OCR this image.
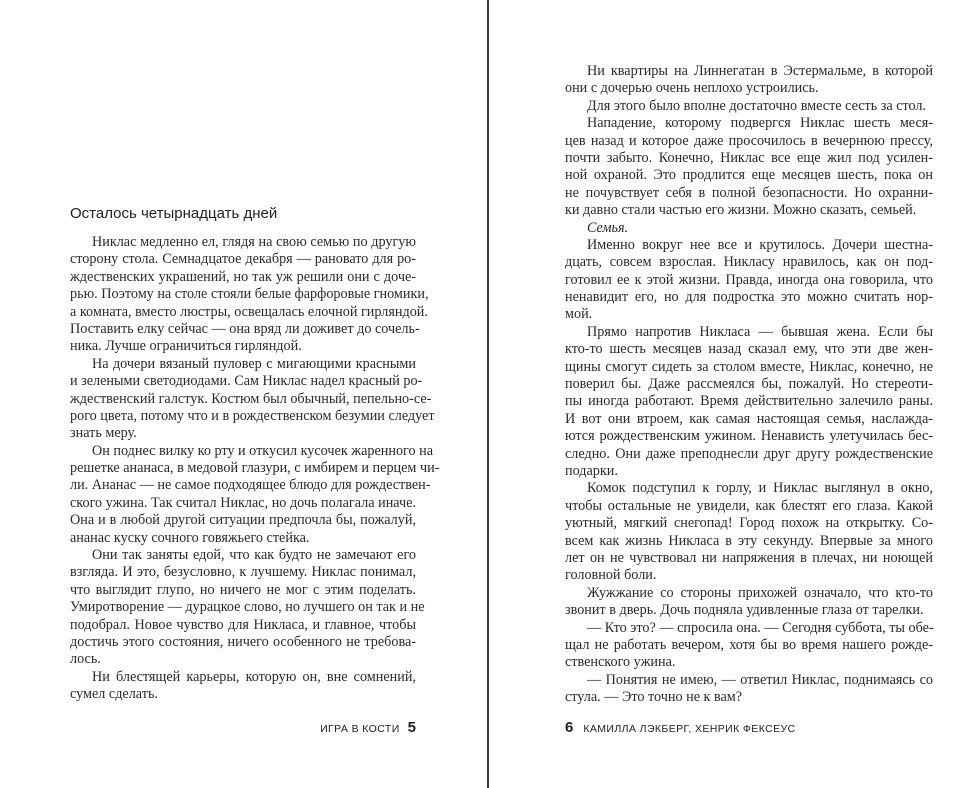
Осталось четырнадцать дней
Никлас медленно ел, глядя на свою семью по другую
сторону стола. Семнадцатое декабря — рановато для ро-
ждественских украшений, но так уж решили они с доче-
рью. Поэтому на столе стояли белые фарфоровые гномики,
а комната, вместо люстры, освещалась елочной гирляндой.
Поставить елку сейчас — она вряд ли доживет до сочель-
ника. Лучше ограничиться гирляндой.
На дочери вязаный пуловер с мигающими красными
и зелеными светодиодами. Сам Никлас надел красный ро-
ждественский галстук. Костюм был обычный, пепельно-се-
рого цвета, потому что и в рождественском безумии следует
знать меру.
Он поднес вилку ко рту и откусил кусочек жаренного на
решетке ананаса, в медовой глазури, с имбирем и перцем чи-
ли. Ананас — не самое подходящее блюдо для рождествен-
ского ужина. Так считал Никлас, но дочь полагала иначе.
Она и в любой другой ситуации предпочла бы, пожалуй,
ананас куску сочного говяжьего стейка.
Они так заняты едой, что как будто не замечают его
взгляда. И это, безусловно, к лучшему. Никлас понимал,
что выглядит глупо, но ничего не мог с этим поделать.
Умиротворение — дурацкое слово, но лучшего он так и не
подобрал. Новое чувство для Никласа, и главное, чтобы
достичь этого состояния, ничего особенного не требова-
лось.
Ни блестящей карьеры, которую он, вне сомнений,
сумел сделать.
ИГРА В КОСТИ 5
Ни квартиры на Линнегатан в Эстермальме, в которой
они с дочерью очень неплохо устроились.
Для этого было вполне достаточно вместе сесть за стол.
Нападение, которому подвергся Никлас шесть меся-
цев назад и которое даже просочилось в вечернюю прессу,
почти забыто. Конечно, Никлас все еще жил под усилен-
ной охраной. Это продлится еще месяцев шесть, пока он
не почувствует себя в полной безопасности. Но охранни-
ки давно стали частью его жизни. Можно сказать, семьей.
Семья.
Именно вокруг нее все и крутилось. Дочери шестна-
дцать, совсем взрослая. Никласу нравилось, как он под-
готовил ее к этой жизни. Правда, иногда она говорила, что
ненавидит его, но для подростка это можно считать нор-
мой.
Прямо напротив Никласа — бывшая жена. Если бы
кто-то шесть месяцев назад сказал ему, что эти две жен-
щины смогут сидеть за столом вместе, Никлас, конечно, не
поверил бы. Даже рассмеялся бы, пожалуй. Но стереоти-
пы иногда работают. Время действительно залечило раны.
И вот они втроем, как самая настоящая семья, наслажда-
ются рождественским ужином. Ненависть улетучилась бес-
следно. Они даже преподнесли друг другу рождественские
подарки.
Комок подступил к горлу, и Никлас выглянул в окно,
чтобы остальные не увидели, как блестят его глаза. Какой
уютный, мягкий снегопад! Город похож на открытку. Со-
всем как жизнь Никласа в эту секунду. Впервые за много
лет он не чувствовал ни напряжения в плечах, ни ноющей
головной боли.
Жужжание со стороны прихожей означало, что кто-то
звонит в дверь. Дочь подняла удивленные глаза от тарелки.
— Кто это? — спросила она. — Сегодня суббота, ты обе-
щал не работать вечером, хотя бы во время нашего рожде-
ственского ужина.
— Понятия не имею, — ответил Никлас, поднимаясь со
стула. — Это точно не к вам?
6 КАМИЛЛА ЛЭКБЕРГ, ХЕНРИК ФЕКСЕУС
